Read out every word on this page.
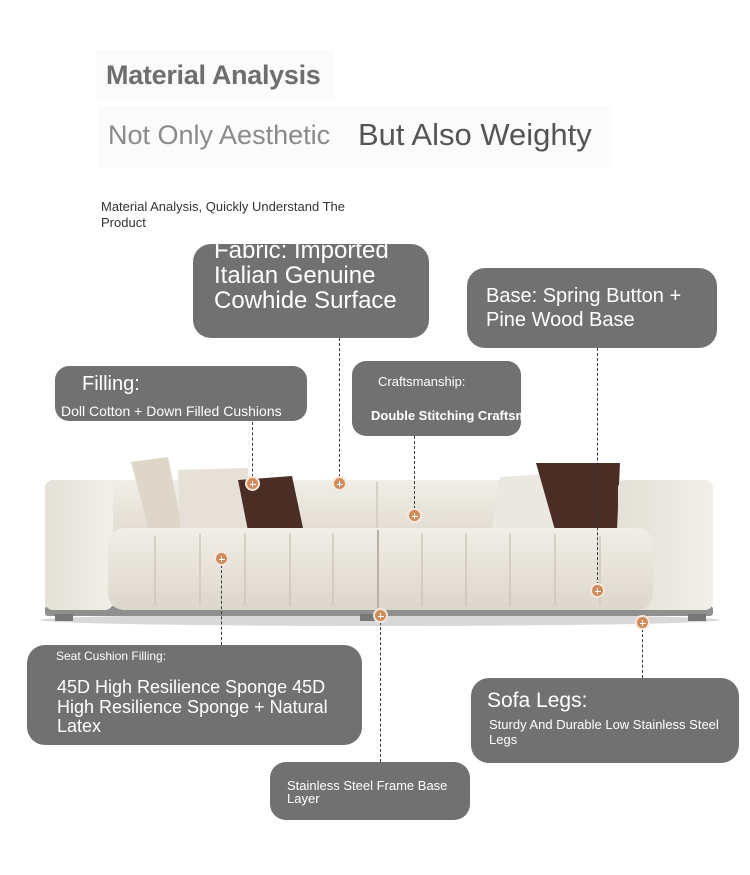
Material Analysis
Not Only Aesthetic But Also Weighty
Material Analysis, Quickly Understand The Product
Fabric: Imported Italian Genuine Cowhide Surface	Base: Spring Button + Pine Wood Base
Filling:
Doll Cotton + Down Filled Cushions
Craftsmanship:
Double Stitching Craftsmanship
Seat Cushion Filling:
45D High Resilience Sponge 45D High Resilience Sponge + Natural Latex
Sofa Legs:
Sturdy And Durable Low Stainless Steel Legs
Stainless Steel Frame Base Layer
